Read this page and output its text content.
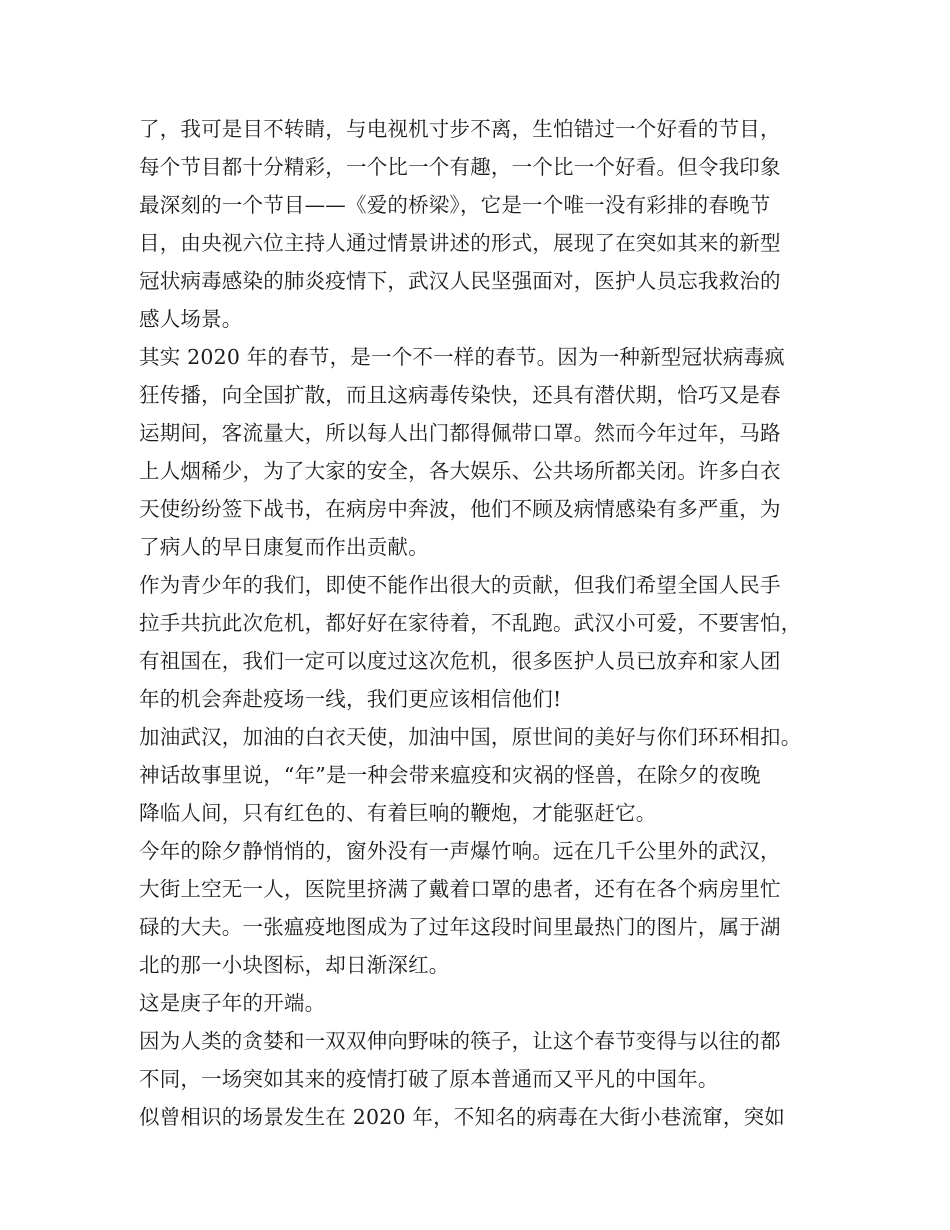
了，我可是目不转睛，与电视机寸步不离，生怕错过一个好看的节目，
每个节目都十分精彩，一个比一个有趣，一个比一个好看。但令我印象
最深刻的一个节目——《爱的桥梁》，它是一个唯一没有彩排的春晚节
目，由央视六位主持人通过情景讲述的形式，展现了在突如其来的新型
冠状病毒感染的肺炎疫情下，武汉人民坚强面对，医护人员忘我救治的
感人场景。
其实 2020 年的春节，是一个不一样的春节。因为一种新型冠状病毒疯
狂传播，向全国扩散，而且这病毒传染快，还具有潜伏期，恰巧又是春
运期间，客流量大，所以每人出门都得佩带口罩。然而今年过年，马路
上人烟稀少，为了大家的安全，各大娱乐、公共场所都关闭。许多白衣
天使纷纷签下战书，在病房中奔波，他们不顾及病情感染有多严重，为
了病人的早日康复而作出贡献。
作为青少年的我们，即使不能作出很大的贡献，但我们希望全国人民手
拉手共抗此次危机，都好好在家待着，不乱跑。武汉小可爱，不要害怕，
有祖国在，我们一定可以度过这次危机，很多医护人员已放弃和家人团
年的机会奔赴疫场一线，我们更应该相信他们!
加油武汉，加油的白衣天使，加油中国，原世间的美好与你们环环相扣。
神话故事里说，“年”是一种会带来瘟疫和灾祸的怪兽，在除夕的夜晚
降临人间，只有红色的、有着巨响的鞭炮，才能驱赶它。
今年的除夕静悄悄的，窗外没有一声爆竹响。远在几千公里外的武汉，
大街上空无一人，医院里挤满了戴着口罩的患者，还有在各个病房里忙
碌的大夫。一张瘟疫地图成为了过年这段时间里最热门的图片，属于湖
北的那一小块图标，却日渐深红。
这是庚子年的开端。
因为人类的贪婪和一双双伸向野味的筷子，让这个春节变得与以往的都
不同，一场突如其来的疫情打破了原本普通而又平凡的中国年。
似曾相识的场景发生在 2020 年，不知名的病毒在大街小巷流窜，突如
